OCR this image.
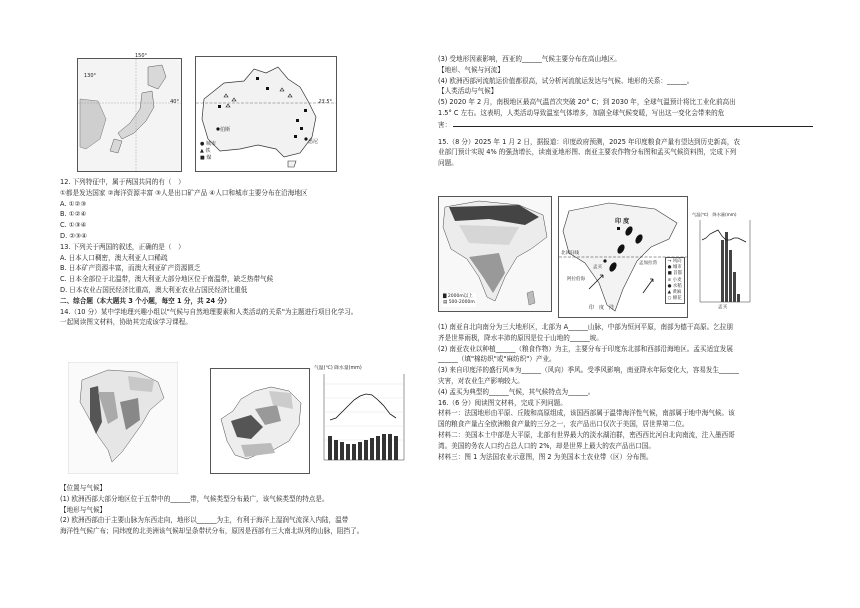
130°
40°
150°
23.5°
伯斯
悉尼
● 城市
▲ 铁
■ 煤
12. 下列特征中，属于两国共同的有（　）
①都是发达国家 ②海洋资源丰富 ③人是出口矿产品 ④人口和城市主要分布在沿海地区
A. ①②③
B. ①②④
C. ①③④
D. ②③④
13. 下列关于两国的叙述，正确的是（　）
A. 日本人口稠密，澳大利亚人口稀疏
B. 日本矿产资源丰富，而澳大利亚矿产资源匮乏
C. 日本全部位于北温带，澳大利亚大部分地区位于南温带，缺乏热带气候
D. 日本农业占国民经济比重高，澳大利亚农业占国民经济比重低
二、综合题（本大题共 3 个小题，每空 1 分，共 24 分）
14.（10 分）某中学地理兴趣小组以"气候与自然地理要素和人类活动的关系"为主题进行项目化学习。
一起阅读图文材料，协助其完成该学习课程。
气温(℃) 降水量(mm)
【位置与气候】
(1) 欧洲西部大部分地区位于五带中的______带，气候类型分布最广，该气候类型的特点是。
【地形与气候】
(2) 欧洲西部由于主要山脉为东西走向，地形以______为主，有利于海洋上湿润气流深入内陆，温带
海洋性气候广布；同纬度的北美洲该气候却呈条带状分布，原因是西部有三大南北纵列的山脉，阻挡了。
(3) 受地形因素影响，西亚的______气候主要分布在高山地区。
【地形、气候与河流】
(4) 欧洲西部河流航运价值都很高，试分析河流航运发达与气候、地形的关系：______。
【人类活动与气候】
(5) 2020 年 2 月，南极地区最高气温首次突破 20° C；到 2030 年，全球气温预计将比工业化前高出
1.5° C 左右。这表明，人类活动导致温室气体增多，加剧全球气候变暖，写出这一变化会带来的危
害：
15.（8 分）2025 年 1 月 2 日，据报道：印度政府预测，2025 年印度粮食产量有望达到历史新高，农
业部门预计实现 4% 的强劲增长，读南亚地形图、南亚主要农作物分布图和孟买气候资料图，完成下列
问题。
▇ 2000m以上
▤ 500-2000m
印 度
北回归线
阿拉伯海
孟买
孟加拉湾
印　度　洋
→ 风向
● 城市
■ 首都
≋ 小麦
● 水稻
▲ 黄麻
○ 棉花
气温(℃)　降水量(mm)
孟买
(1) 南亚自北向南分为三大地形区，北部为 A______山脉，中部为恒河平原，南部为德干高原。乞拉朋
齐是世界雨极，降水丰沛的原因是位于山地的______坡。
(2) 南亚农业以种植______（粮食作物）为主，主要分布于印度东北部和西部沿海地区。孟买适宜发展
______（填"棉纺织"或"麻纺织"）产业。
(3) 来自印度洋的盛行风⑤为______（风向）季风。受季风影响，南亚降水年际变化大，容易发生______
灾害，对农业生产影响较大。
(4) 孟买为典型的______气候，其气候特点为______。
16.（6 分）阅读图文材料，完成下列问题。
材料一：法国地形由平原、丘陵和高原组成，该国西部属于温带海洋性气候，南部属于地中海气候。该
国的粮食产量占全欧洲粮食产量的三分之一，农产品出口仅次于美国，居世界第二位。
材料二：美国本土中部是大平原，北部有世界最大的淡水湖泊群，密西西比河自北向南流，注入墨西哥
湾。美国的务农人口约占总人口的 2%，却是世界上最大的农产品出口国。
材料三：图 1 为法国农业示意图，图 2 为美国本土农业带（区）分布图。
